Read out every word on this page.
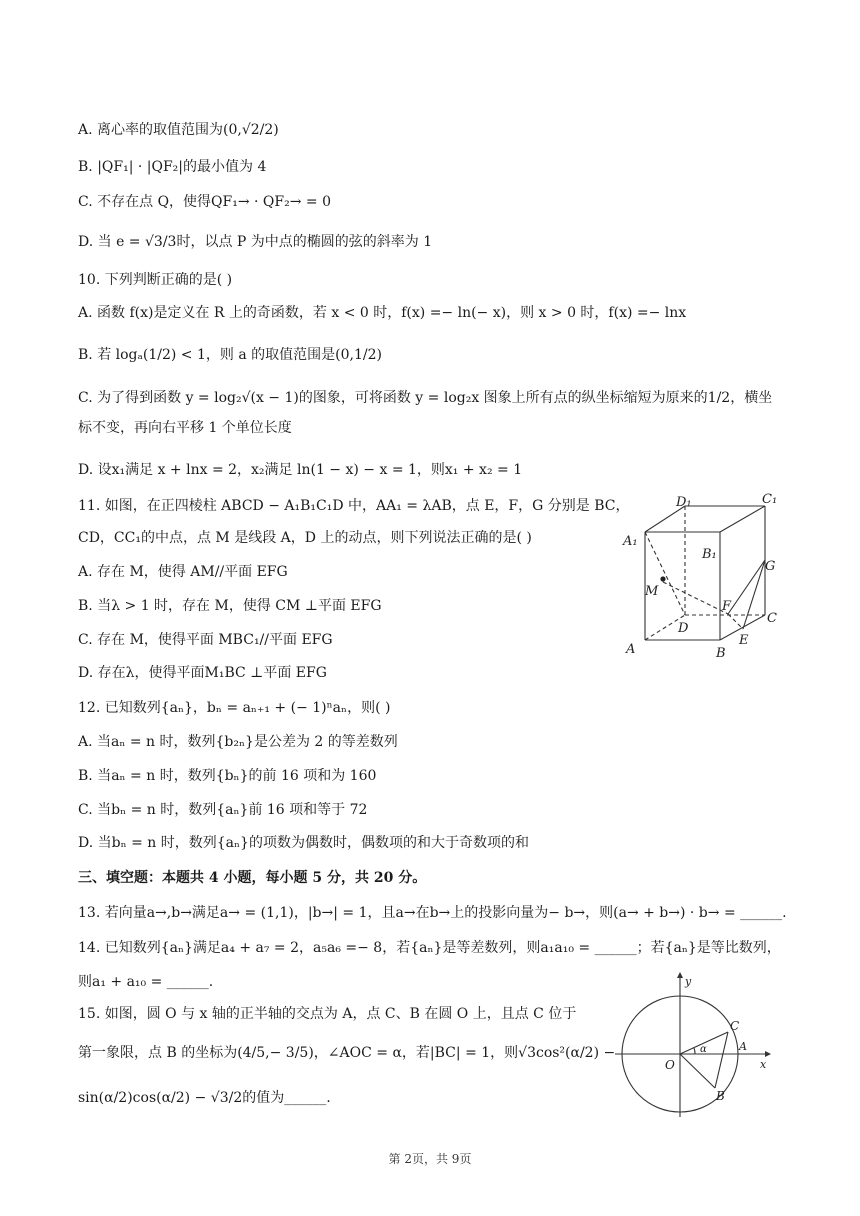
A. 离心率的取值范围为(0,√2/2)
B. |QF₁| · |QF₂|的最小值为 4
C. 不存在点 Q，使得QF₁→ · QF₂→ = 0
D. 当 e = √3/3时，以点 P 为中点的椭圆的弦的斜率为 1
10. 下列判断正确的是( )
A. 函数 f(x)是定义在 R 上的奇函数，若 x < 0 时，f(x) =− ln(− x)，则 x > 0 时，f(x) =− lnx
B. 若 logₐ(1/2) < 1，则 a 的取值范围是(0,1/2)
C. 为了得到函数 y = log₂√(x − 1)的图象，可将函数 y = log₂x 图象上所有点的纵坐标缩短为原来的1/2，横坐标不变，再向右平移 1 个单位长度
D. 设x₁满足 x + lnx = 2，x₂满足 ln(1 − x) − x = 1，则x₁ + x₂ = 1
11. 如图，在正四棱柱 ABCD − A₁B₁C₁D 中，AA₁ = λAB，点 E，F，G 分别是 BC，
CD，CC₁的中点，点 M 是线段 A，D 上的动点，则下列说法正确的是( )
A. 存在 M，使得 AM//平面 EFG
B. 当λ > 1 时，存在 M，使得 CM ⊥平面 EFG
C. 存在 M，使得平面 MBC₁//平面 EFG
D. 存在λ，使得平面M₁BC ⊥平面 EFG
D₁	C₁
A₁
B₁
G
M
F
C
D
E
A	B
12. 已知数列{aₙ}，bₙ = aₙ₊₁ + (− 1)ⁿaₙ，则( )
A. 当aₙ = n 时，数列{b₂ₙ}是公差为 2 的等差数列
B. 当aₙ = n 时，数列{bₙ}的前 16 项和为 160
C. 当bₙ = n 时，数列{aₙ}前 16 项和等于 72
D. 当bₙ = n 时，数列{aₙ}的项数为偶数时，偶数项的和大于奇数项的和
三、填空题：本题共 4 小题，每小题 5 分，共 20 分。
13. 若向量a→,b→满足a→ = (1,1)，|b→| = 1，且a→在b→上的投影向量为− b→，则(a→ + b→) · b→ = ______.
14. 已知数列{aₙ}满足a₄ + a₇ = 2，a₅a₆ =− 8，若{aₙ}是等差数列，则a₁a₁₀ = ______；若{aₙ}是等比数列，
则a₁ + a₁₀ = ______.
15. 如图，圆 O 与 x 轴的正半轴的交点为 A，点 C、B 在圆 O 上，且点 C 位于
第一象限，点 B 的坐标为(4/5,− 3/5)，∠AOC = α，若|BC| = 1，则√3cos²(α/2) −
sin(α/2)cos(α/2) − √3/2的值为______.
y
x
O
C
A
B
α
第 2页，共 9页
